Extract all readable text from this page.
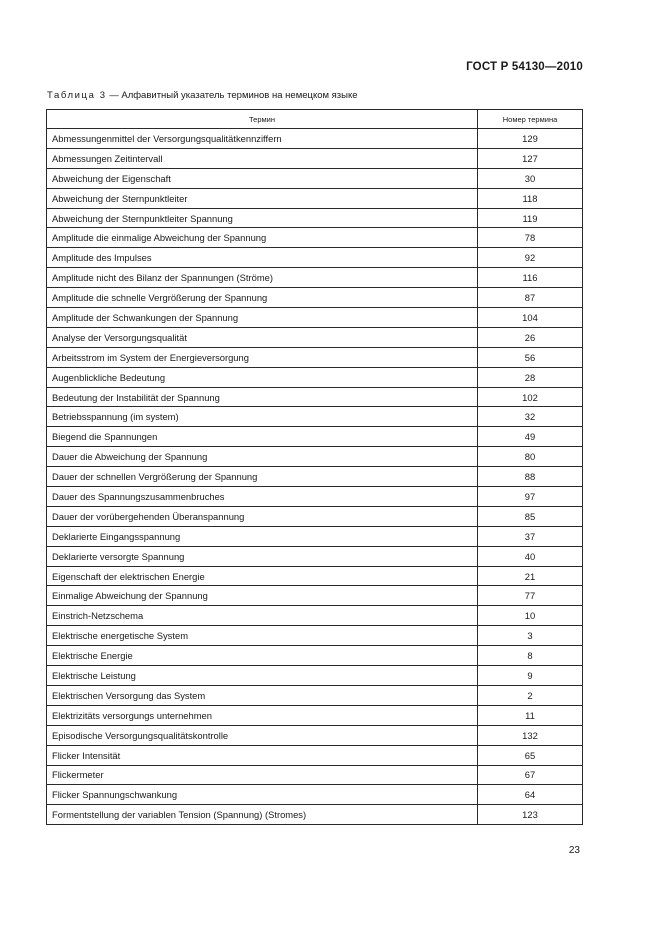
ГОСТ Р 54130—2010
Таблица 3 — Алфавитный указатель терминов на немецком языке
Термин	Номер термина
Abmessungenmittel der Versorgungsqualitätkennziffern	129
Abmessungen Zeitintervall	127
Abweichung der Eigenschaft	30
Abweichung der Sternpunktleiter	118
Abweichung der Sternpunktleiter Spannung	119
Amplitude die einmalige Abweichung der Spannung	78
Amplitude des Impulses	92
Amplitude nicht des Bilanz der Spannungen (Ströme)	116
Amplitude die schnelle Vergrößerung der Spannung	87
Amplitude der Schwankungen der Spannung	104
Analyse der Versorgungsqualität	26
Arbeitsstrom im System der Energieversorgung	56
Augenblickliche Bedeutung	28
Bedeutung der Instabilität der Spannung	102
Betriebsspannung (im system)	32
Biegend die Spannungen	49
Dauer die Abweichung der Spannung	80
Dauer der schnellen Vergrößerung der Spannung	88
Dauer des Spannungszusammenbruches	97
Dauer der vorübergehenden Überanspannung	85
Deklarierte Eingangsspannung	37
Deklarierte versorgte Spannung	40
Eigenschaft der elektrischen Energie	21
Einmalige Abweichung der Spannung	77
Einstrich-Netzschema	10
Elektrische energetische System	3
Elektrische Energie	8
Elektrische Leistung	9
Elektrischen Versorgung das System	2
Elektrizitäts versorgungs unternehmen	11
Episodische Versorgungsqualitätskontrolle	132
Flicker Intensität	65
Flickermeter	67
Flicker Spannungschwankung	64
Formentstellung der variablen Tension (Spannung) (Stromes)	123
23
